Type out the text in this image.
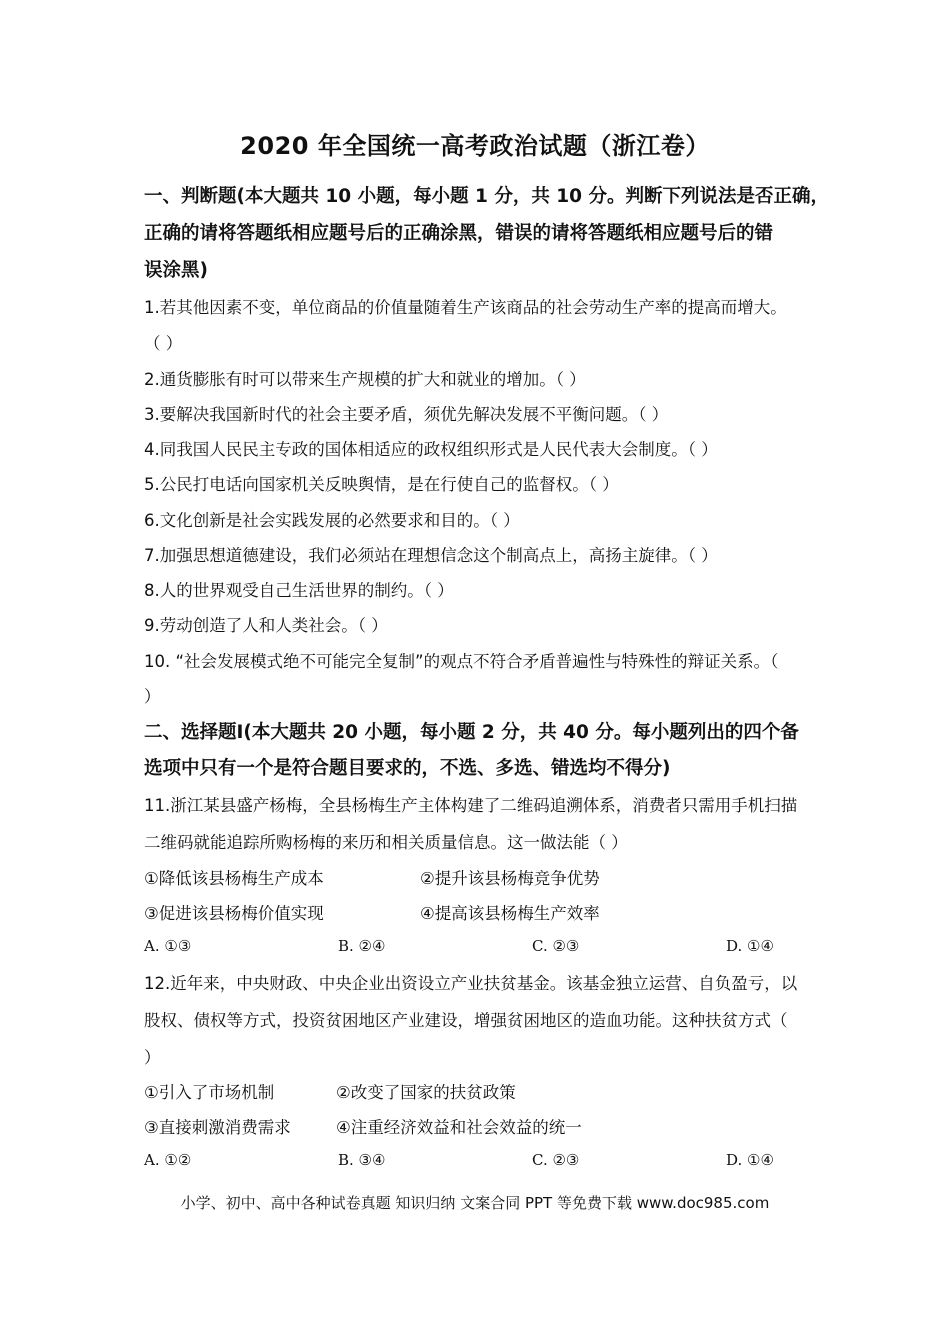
2020 年全国统一高考政治试题（浙江卷）
一、判断题(本大题共 10 小题，每小题 1 分，共 10 分。判断下列说法是否正确，
正确的请将答题纸相应题号后的正确涂黑，错误的请将答题纸相应题号后的错
误涂黑)
1.若其他因素不变，单位商品的价值量随着生产该商品的社会劳动生产率的提高而增大。
（ ）
2.通货膨胀有时可以带来生产规模的扩大和就业的增加。（ ）
3.要解决我国新时代的社会主要矛盾，须优先解决发展不平衡问题。（ ）
4.同我国人民民主专政的国体相适应的政权组织形式是人民代表大会制度。（ ）
5.公民打电话向国家机关反映舆情，是在行使自己的监督权。（ ）
6.文化创新是社会实践发展的必然要求和目的。（ ）
7.加强思想道德建设，我们必须站在理想信念这个制高点上，高扬主旋律。（ ）
8.人的世界观受自己生活世界的制约。（ ）
9.劳动创造了人和人类社会。（ ）
10. “社会发展模式绝不可能完全复制”的观点不符合矛盾普遍性与特殊性的辩证关系。（
）
二、选择题Ⅰ(本大题共 20 小题，每小题 2 分，共 40 分。每小题列出的四个备
选项中只有一个是符合题目要求的，不选、多选、错选均不得分)
11.浙江某县盛产杨梅，全县杨梅生产主体构建了二维码追溯体系，消费者只需用手机扫描
二维码就能追踪所购杨梅的来历和相关质量信息。这一做法能（ ）
①降低该县杨梅生产成本	②提升该县杨梅竞争优势
③促进该县杨梅价值实现	④提高该县杨梅生产效率
A. ①③	B. ②④	C. ②③	D. ①④
12.近年来，中央财政、中央企业出资设立产业扶贫基金。该基金独立运营、自负盈亏，以
股权、债权等方式，投资贫困地区产业建设，增强贫困地区的造血功能。这种扶贫方式（
）
①引入了市场机制	②改变了国家的扶贫政策
③直接刺激消费需求	④注重经济效益和社会效益的统一
A. ①②	B. ③④	C. ②③	D. ①④
小学、初中、高中各种试卷真题 知识归纳 文案合同 PPT 等免费下载 www.doc985.com
